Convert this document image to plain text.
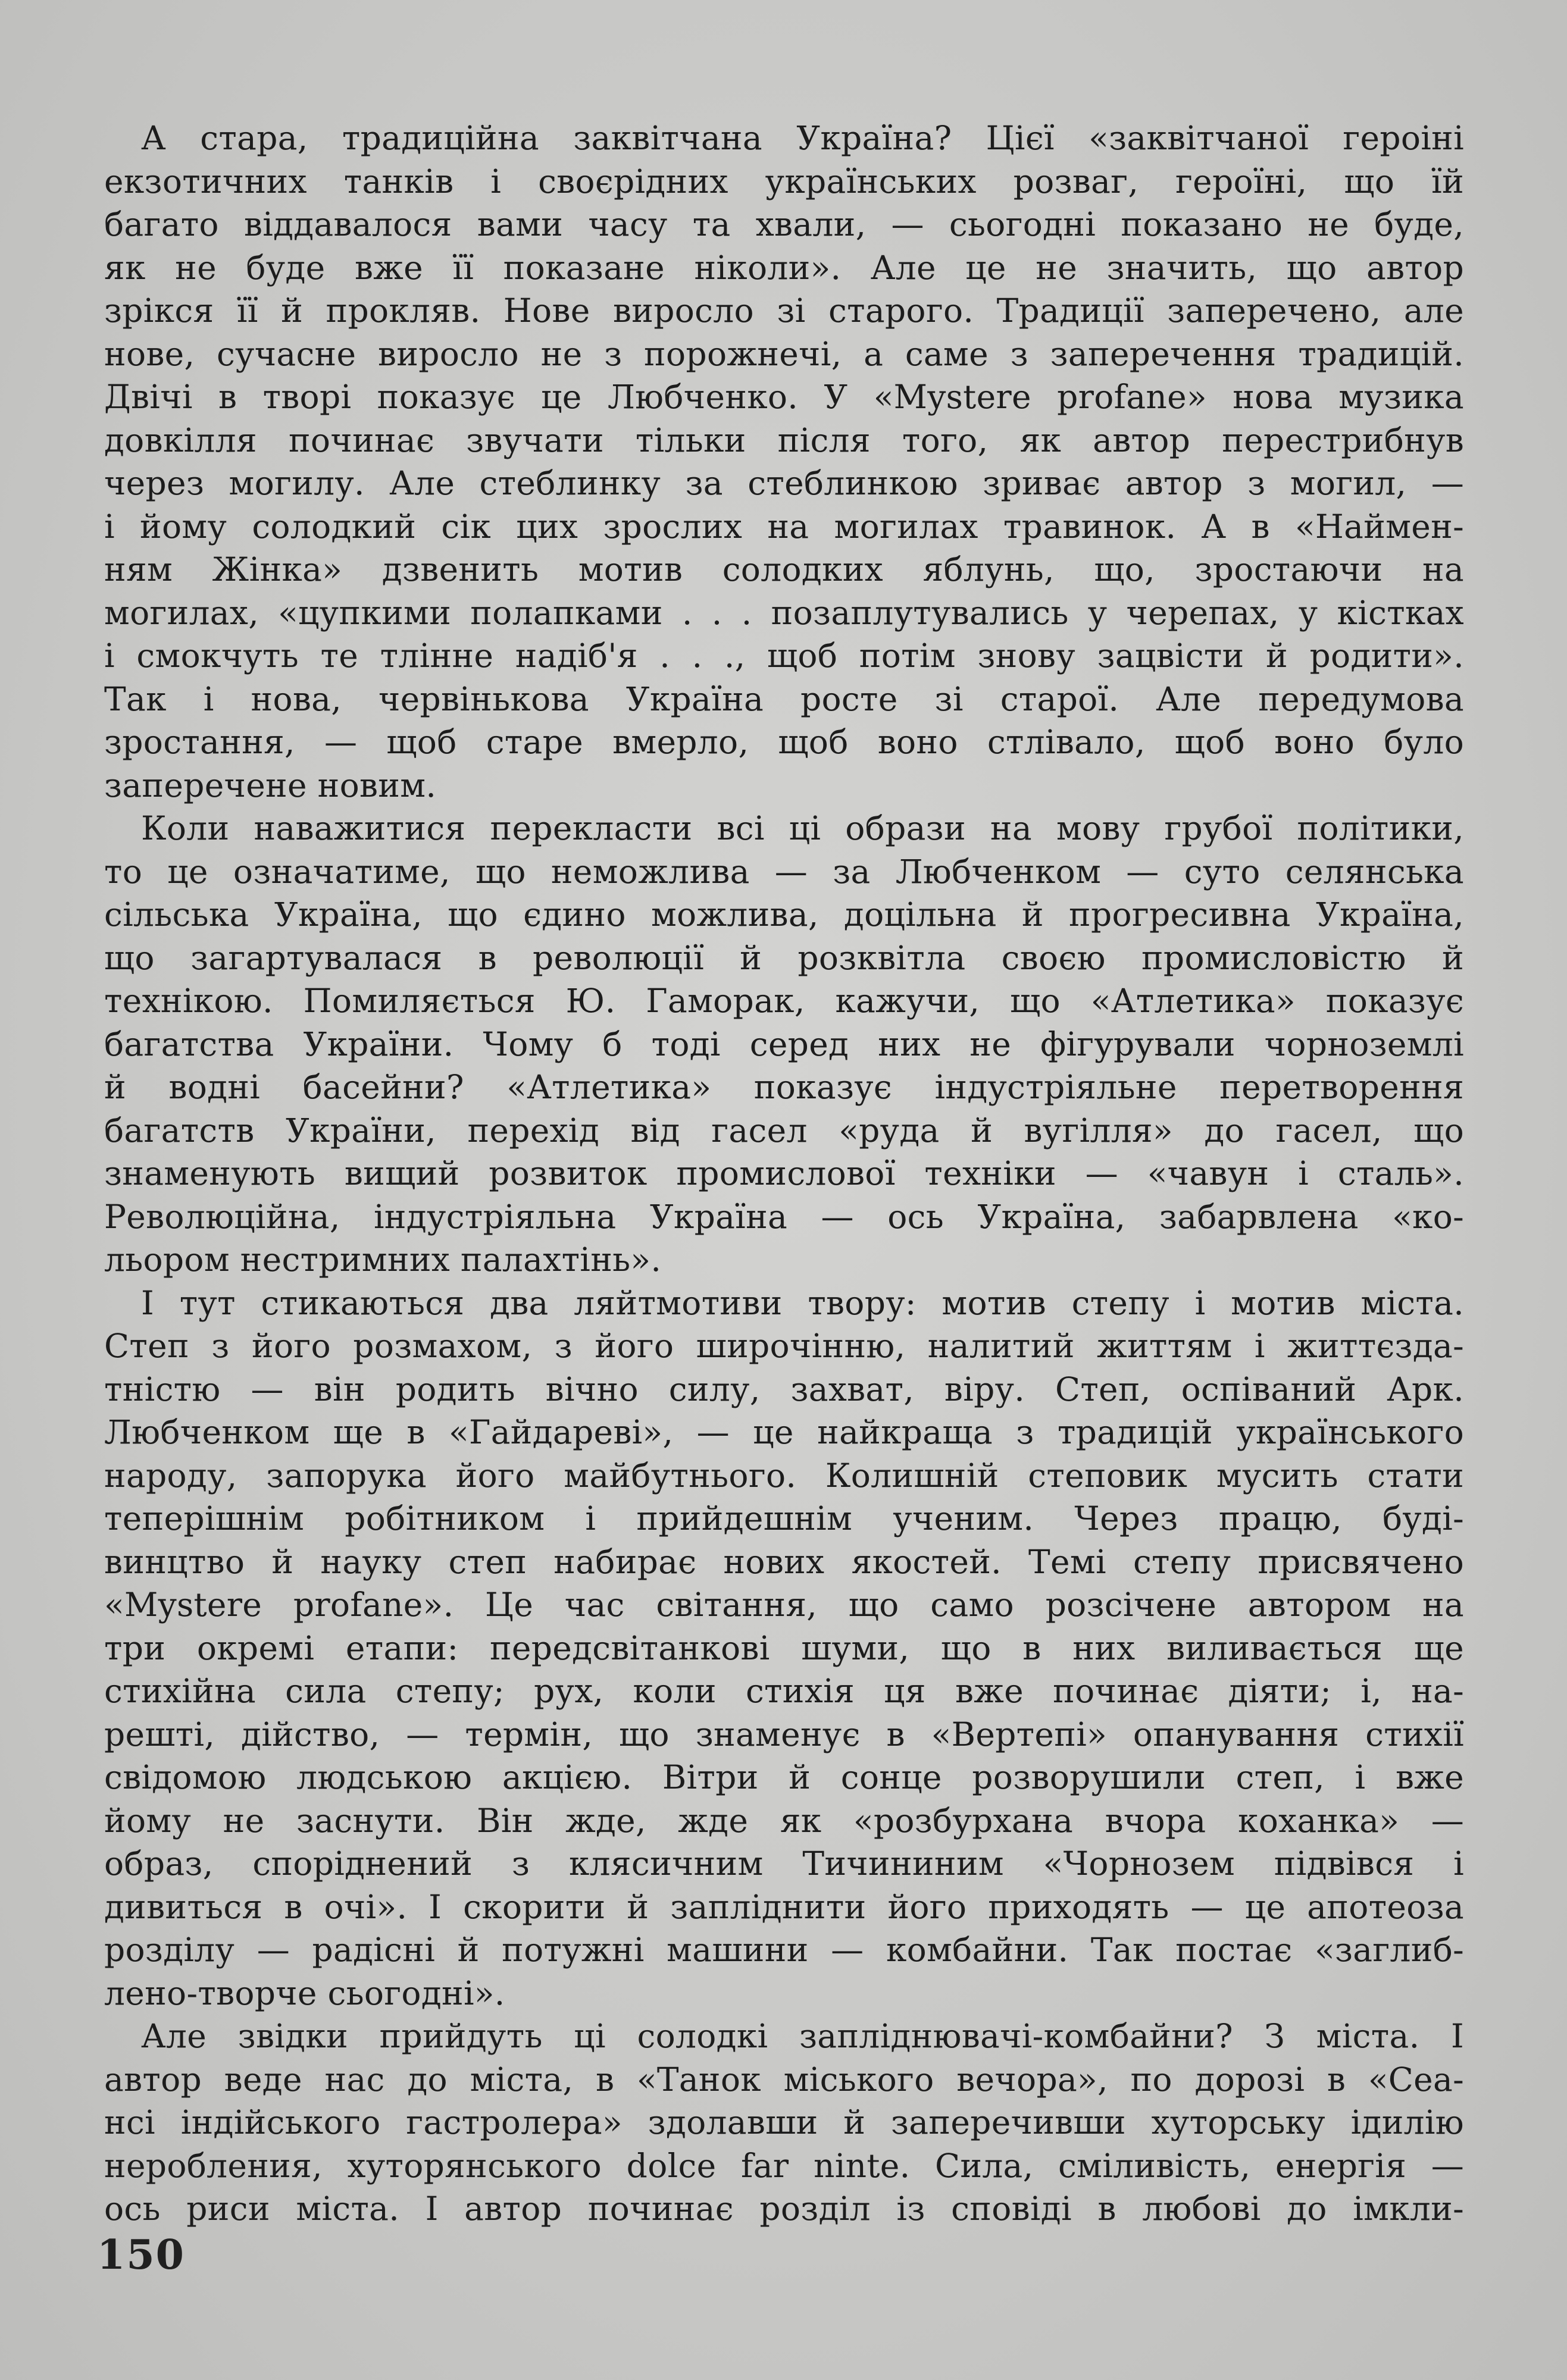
А стара, традиційна заквітчана Україна? Цієї «заквітчаної героіні
екзотичних танків і своєрідних українських розваг, героїні, що їй
багато віддавалося вами часу та хвали, — сьогодні показано не буде,
як не буде вже її показане ніколи». Але це не значить, що автор
зрікся її й прокляв. Нове виросло зі старого. Традиції заперечено, але
нове, сучасне виросло не з порожнечі, а саме з заперечення традицій.
Двічі в творі показує це Любченко. У «Mystere profane» нова музика
довкілля починає звучати тільки після того, як автор перестрибнув
через могилу. Але стеблинку за стеблинкою зриває автор з могил, —
і йому солодкий сік цих зрослих на могилах травинок. А в «Наймен-
ням Жінка» дзвенить мотив солодких яблунь, що, зростаючи на
могилах, «цупкими полапками . . . позаплутувались у черепах, у кістках
і смокчуть те тлінне надіб'я . . ., щоб потім знову зацвісти й родити».
Так і нова, червінькова Україна росте зі старої. Але передумова
зростання, — щоб старе вмерло, щоб воно стлівало, щоб воно було
заперечене новим.
Коли наважитися перекласти всі ці образи на мову грубої політики,
то це означатиме, що неможлива — за Любченком — суто селянська
сільська Україна, що єдино можлива, доцільна й прогресивна Україна,
що загартувалася в революції й розквітла своєю промисловістю й
технікою. Помиляється Ю. Гаморак, кажучи, що «Атлетика» показує
багатства України. Чому б тоді серед них не фігурували чорноземлі
й водні басейни? «Атлетика» показує індустріяльне перетворення
багатств України, перехід від гасел «руда й вугілля» до гасел, що
знаменують вищий розвиток промислової техніки — «чавун і сталь».
Революційна, індустріяльна Україна — ось Україна, забарвлена «ко-
льором нестримних палахтінь».
І тут стикаються два ляйтмотиви твору: мотив степу і мотив міста.
Степ з його розмахом, з його широчінню, налитий життям і життєзда-
тністю — він родить вічно силу, захват, віру. Степ, оспіваний Арк.
Любченком ще в «Гайдареві», — це найкраща з традицій українського
народу, запорука його майбутнього. Колишній степовик мусить стати
теперішнім робітником і прийдешнім ученим. Через працю, буді-
винцтво й науку степ набирає нових якостей. Темі степу присвячено
«Mystere profane». Це час світання, що само розсічене автором на
три окремі етапи: передсвітанкові шуми, що в них виливається ще
стихійна сила степу; рух, коли стихія ця вже починає діяти; і, на-
решті, дійство, — термін, що знаменує в «Вертепі» опанування стихії
свідомою людською акцією. Вітри й сонце розворушили степ, і вже
йому не заснути. Він жде, жде як «розбурхана вчора коханка» —
образ, споріднений з клясичним Тичининим «Чорнозем підвівся і
дивиться в очі». І скорити й запліднити його приходять — це апотеоза
розділу — радісні й потужні машини — комбайни. Так постає «заглиб-
лено-творче сьогодні».
Але звідки прийдуть ці солодкі запліднювачі-комбайни? З міста. І
автор веде нас до міста, в «Танок міського вечора», по дорозі в «Сеа-
нсі індійського гастролера» здолавши й заперечивши хуторську ідилію
неробления, хуторянського dolce far ninte. Сила, сміливість, енергія —
ось риси міста. І автор починає розділ із сповіді в любові до імкли-
150
